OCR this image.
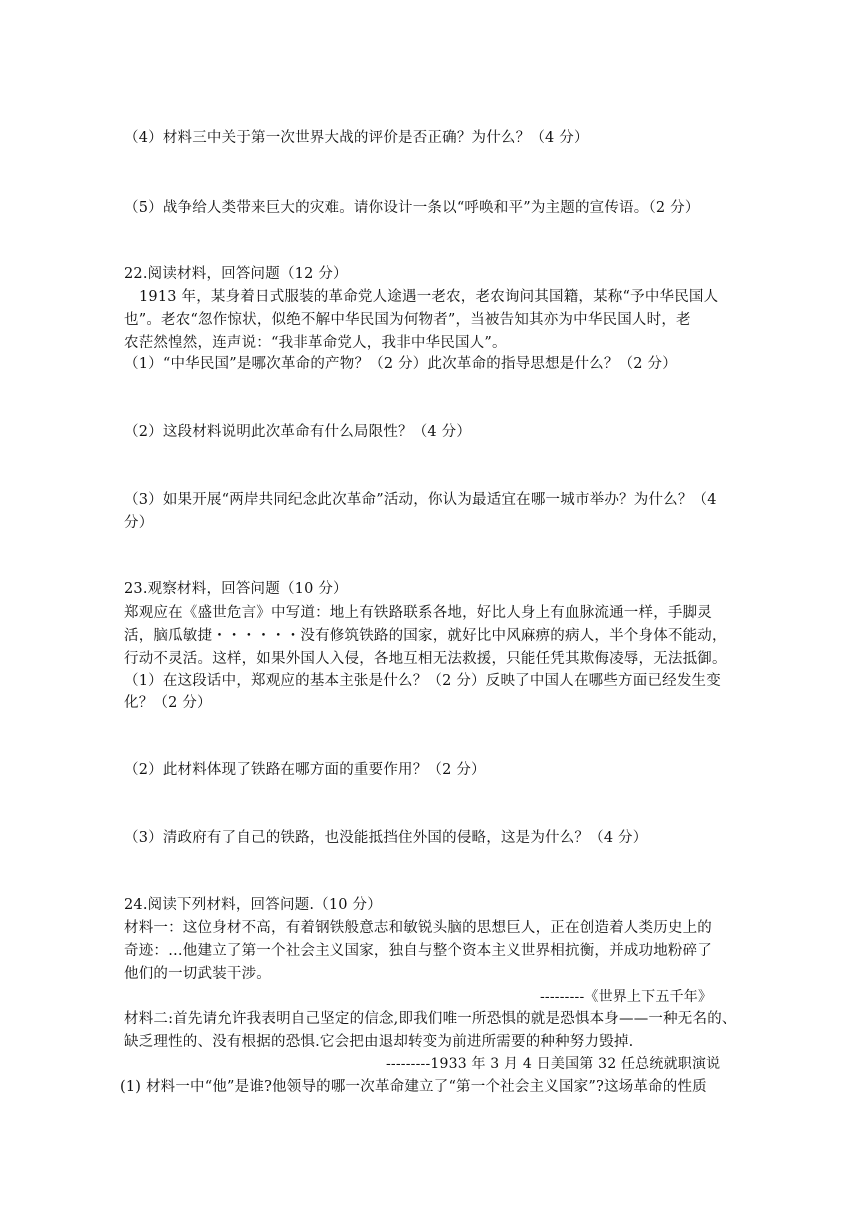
（4）材料三中关于第一次世界大战的评价是否正确？为什么？（4 分）
（5）战争给人类带来巨大的灾难。请你设计一条以“呼唤和平”为主题的宣传语。（2 分）
22.阅读材料，回答问题（12 分）
1913 年，某身着日式服装的革命党人途遇一老农，老农询问其国籍，某称“予中华民国人
也”。老农“忽作惊状，似绝不解中华民国为何物者”，当被告知其亦为中华民国人时，老
农茫然惶然，连声说：“我非革命党人，我非中华民国人”。
（1）“中华民国”是哪次革命的产物？（2 分）此次革命的指导思想是什么？（2 分）
（2）这段材料说明此次革命有什么局限性？（4 分）
（3）如果开展“两岸共同纪念此次革命”活动，你认为最适宜在哪一城市举办？为什么？（4
分）
23.观察材料，回答问题（10 分）
郑观应在《盛世危言》中写道：地上有铁路联系各地，好比人身上有血脉流通一样，手脚灵
活，脑瓜敏捷・・・・・・没有修筑铁路的国家，就好比中风麻痹的病人，半个身体不能动，
行动不灵活。这样，如果外国人入侵，各地互相无法救援，只能任凭其欺侮凌辱，无法抵御。
（1）在这段话中，郑观应的基本主张是什么？（2 分）反映了中国人在哪些方面已经发生变
化？（2 分）
（2）此材料体现了铁路在哪方面的重要作用？（2 分）
（3）清政府有了自己的铁路，也没能抵挡住外国的侵略，这是为什么？（4 分）
24.阅读下列材料，回答问题.（10 分）
材料一：这位身材不高，有着钢铁般意志和敏锐头脑的思想巨人，正在创造着人类历史上的
奇迹：…他建立了第一个社会主义国家，独自与整个资本主义世界相抗衡，并成功地粉碎了
他们的一切武装干涉。
---------《世界上下五千年》
材料二:首先请允许我表明自己坚定的信念,即我们唯一所恐惧的就是恐惧本身——一种无名的、
缺乏理性的、没有根据的恐惧.它会把由退却转变为前进所需要的种种努力毁掉.
---------1933 年 3 月 4 日美国第 32 任总统就职演说
(1) 材料一中“他”是谁?他领导的哪一次革命建立了“第一个社会主义国家”?这场革命的性质
